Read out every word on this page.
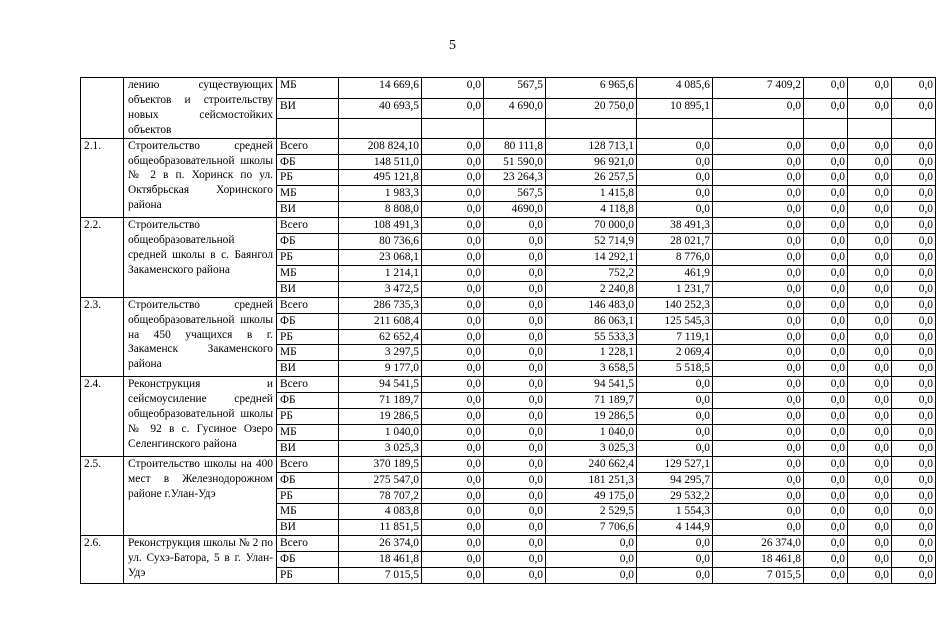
5
	лению существующих объектов и строительству новых сейсмостойких объектов	МБ	14 669,6	0,0	567,5	6 965,6	4 085,6	7 409,2	0,0	0,0	0,0
		ВИ	40 693,5	0,0	4 690,0	20 750,0	10 895,1	0,0	0,0	0,0	0,0

2.1.	Строительство средней общеобразовательной школы № 2 в п. Хоринск по ул. Октябрьская Хоринского района	Всего	208 824,10	0,0	80 111,8	128 713,1	0,0	0,0	0,0	0,0	0,0
		ФБ	148 511,0	0,0	51 590,0	96 921,0	0,0	0,0	0,0	0,0	0,0
		РБ	495 121,8	0,0	23 264,3	26 257,5	0,0	0,0	0,0	0,0	0,0
		МБ	1 983,3	0,0	567,5	1 415,8	0,0	0,0	0,0	0,0	0,0
		ВИ	8 808,0	0,0	4690,0	4 118,8	0,0	0,0	0,0	0,0	0,0
2.2.	Строительство общеобразовательной средней школы в с. Баянгол Закаменского района	Всего	108 491,3	0,0	0,0	70 000,0	38 491,3	0,0	0,0	0,0	0,0
		ФБ	80 736,6	0,0	0,0	52 714,9	28 021,7	0,0	0,0	0,0	0,0
		РБ	23 068,1	0,0	0,0	14 292,1	8 776,0	0,0	0,0	0,0	0,0
		МБ	1 214,1	0,0	0,0	752,2	461,9	0,0	0,0	0,0	0,0
		ВИ	3 472,5	0,0	0,0	2 240,8	1 231,7	0,0	0,0	0,0	0,0
2.3.	Строительство средней общеобразовательной школы на 450 учащихся в г. Закаменск Закаменского района	Всего	286 735,3	0,0	0,0	146 483,0	140 252,3	0,0	0,0	0,0	0,0
		ФБ	211 608,4	0,0	0,0	86 063,1	125 545,3	0,0	0,0	0,0	0,0
		РБ	62 652,4	0,0	0,0	55 533,3	7 119,1	0,0	0,0	0,0	0,0
		МБ	3 297,5	0,0	0,0	1 228,1	2 069,4	0,0	0,0	0,0	0,0
		ВИ	9 177,0	0,0	0,0	3 658,5	5 518,5	0,0	0,0	0,0	0,0
2.4.	Реконструкция и сейсмоусиление средней общеобразовательной школы № 92 в с. Гусиное Озеро Селенгинского района	Всего	94 541,5	0,0	0,0	94 541,5	0,0	0,0	0,0	0,0	0,0
		ФБ	71 189,7	0,0	0,0	71 189,7	0,0	0,0	0,0	0,0	0,0
		РБ	19 286,5	0,0	0,0	19 286,5	0,0	0,0	0,0	0,0	0,0
		МБ	1 040,0	0,0	0,0	1 040,0	0,0	0,0	0,0	0,0	0,0
		ВИ	3 025,3	0,0	0,0	3 025,3	0,0	0,0	0,0	0,0	0,0
2.5.	Строительство школы на 400 мест в Железнодорожном районе г.Улан-Удэ	Всего	370 189,5	0,0	0,0	240 662,4	129 527,1	0,0	0,0	0,0	0,0
		ФБ	275 547,0	0,0	0,0	181 251,3	94 295,7	0,0	0,0	0,0	0,0
		РБ	78 707,2	0,0	0,0	49 175,0	29 532,2	0,0	0,0	0,0	0,0
		МБ	4 083,8	0,0	0,0	2 529,5	1 554,3	0,0	0,0	0,0	0,0
		ВИ	11 851,5	0,0	0,0	7 706,6	4 144,9	0,0	0,0	0,0	0,0
2.6.	Реконструкция школы № 2 по ул. Сухэ-Батора, 5 в г. Улан-Удэ	Всего	26 374,0	0,0	0,0	0,0	0,0	26 374,0	0,0	0,0	0,0
		ФБ	18 461,8	0,0	0,0	0,0	0,0	18 461,8	0,0	0,0	0,0
		РБ	7 015,5	0,0	0,0	0,0	0,0	7 015,5	0,0	0,0	0,0
